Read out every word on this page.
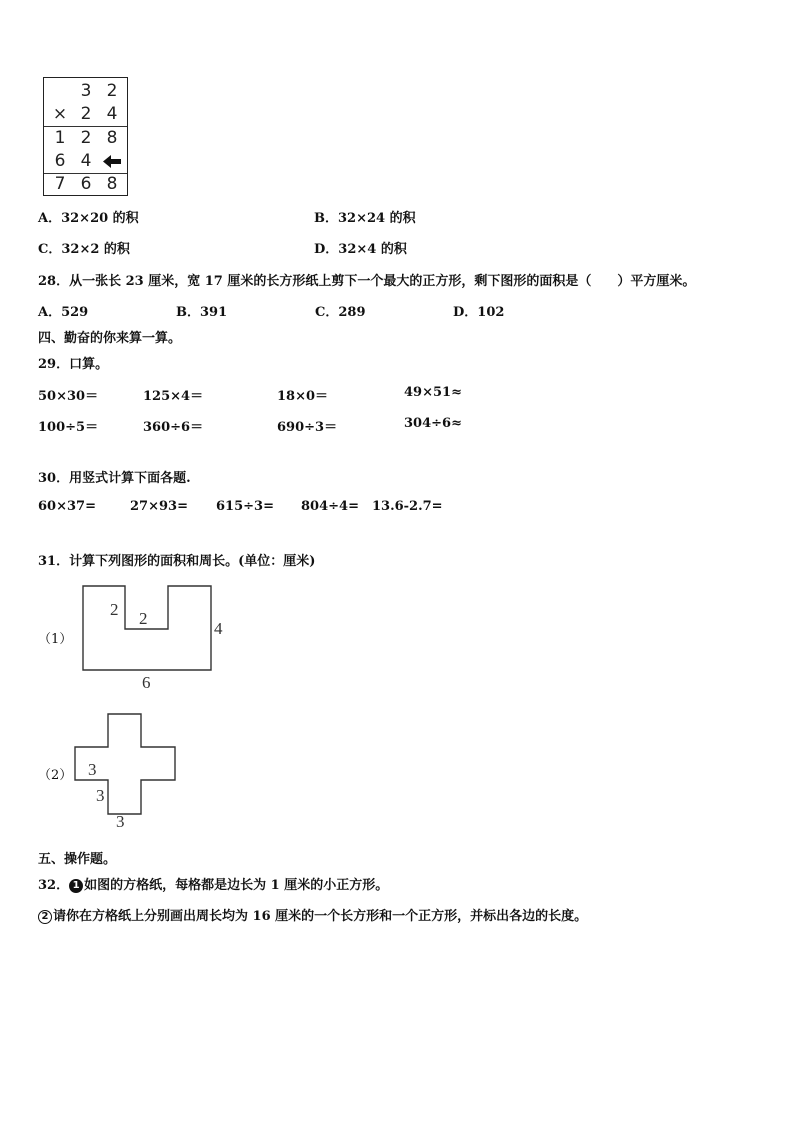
3 2
× 2 4
1 2 8
6 4
7 6 8
A．32×20 的积	B．32×24 的积
C．32×2 的积	D．32×4 的积
28．从一张长 23 厘米，宽 17 厘米的长方形纸上剪下一个最大的正方形，剩下图形的面积是（　　）平方厘米。
A．529	B．391	C．289	D．102
四、勤奋的你来算一算。
29．口算。
50×30＝	125×4＝	18×0＝	49×51≈
100÷5＝	360÷6＝	690÷3＝	304÷6≈
30．用竖式计算下面各题.
60×37=	27×93= 615÷3= 804÷4= 13.6-2.7=
31．计算下列图形的面积和周长。(单位：厘米)
（1）
2 2
4
6
（2） 3
3
3
五、操作题。
32． 1 如图的方格纸，每格都是边长为 1 厘米的小正方形。
2 请你在方格纸上分别画出周长均为 16 厘米的一个长方形和一个正方形，并标出各边的长度。
